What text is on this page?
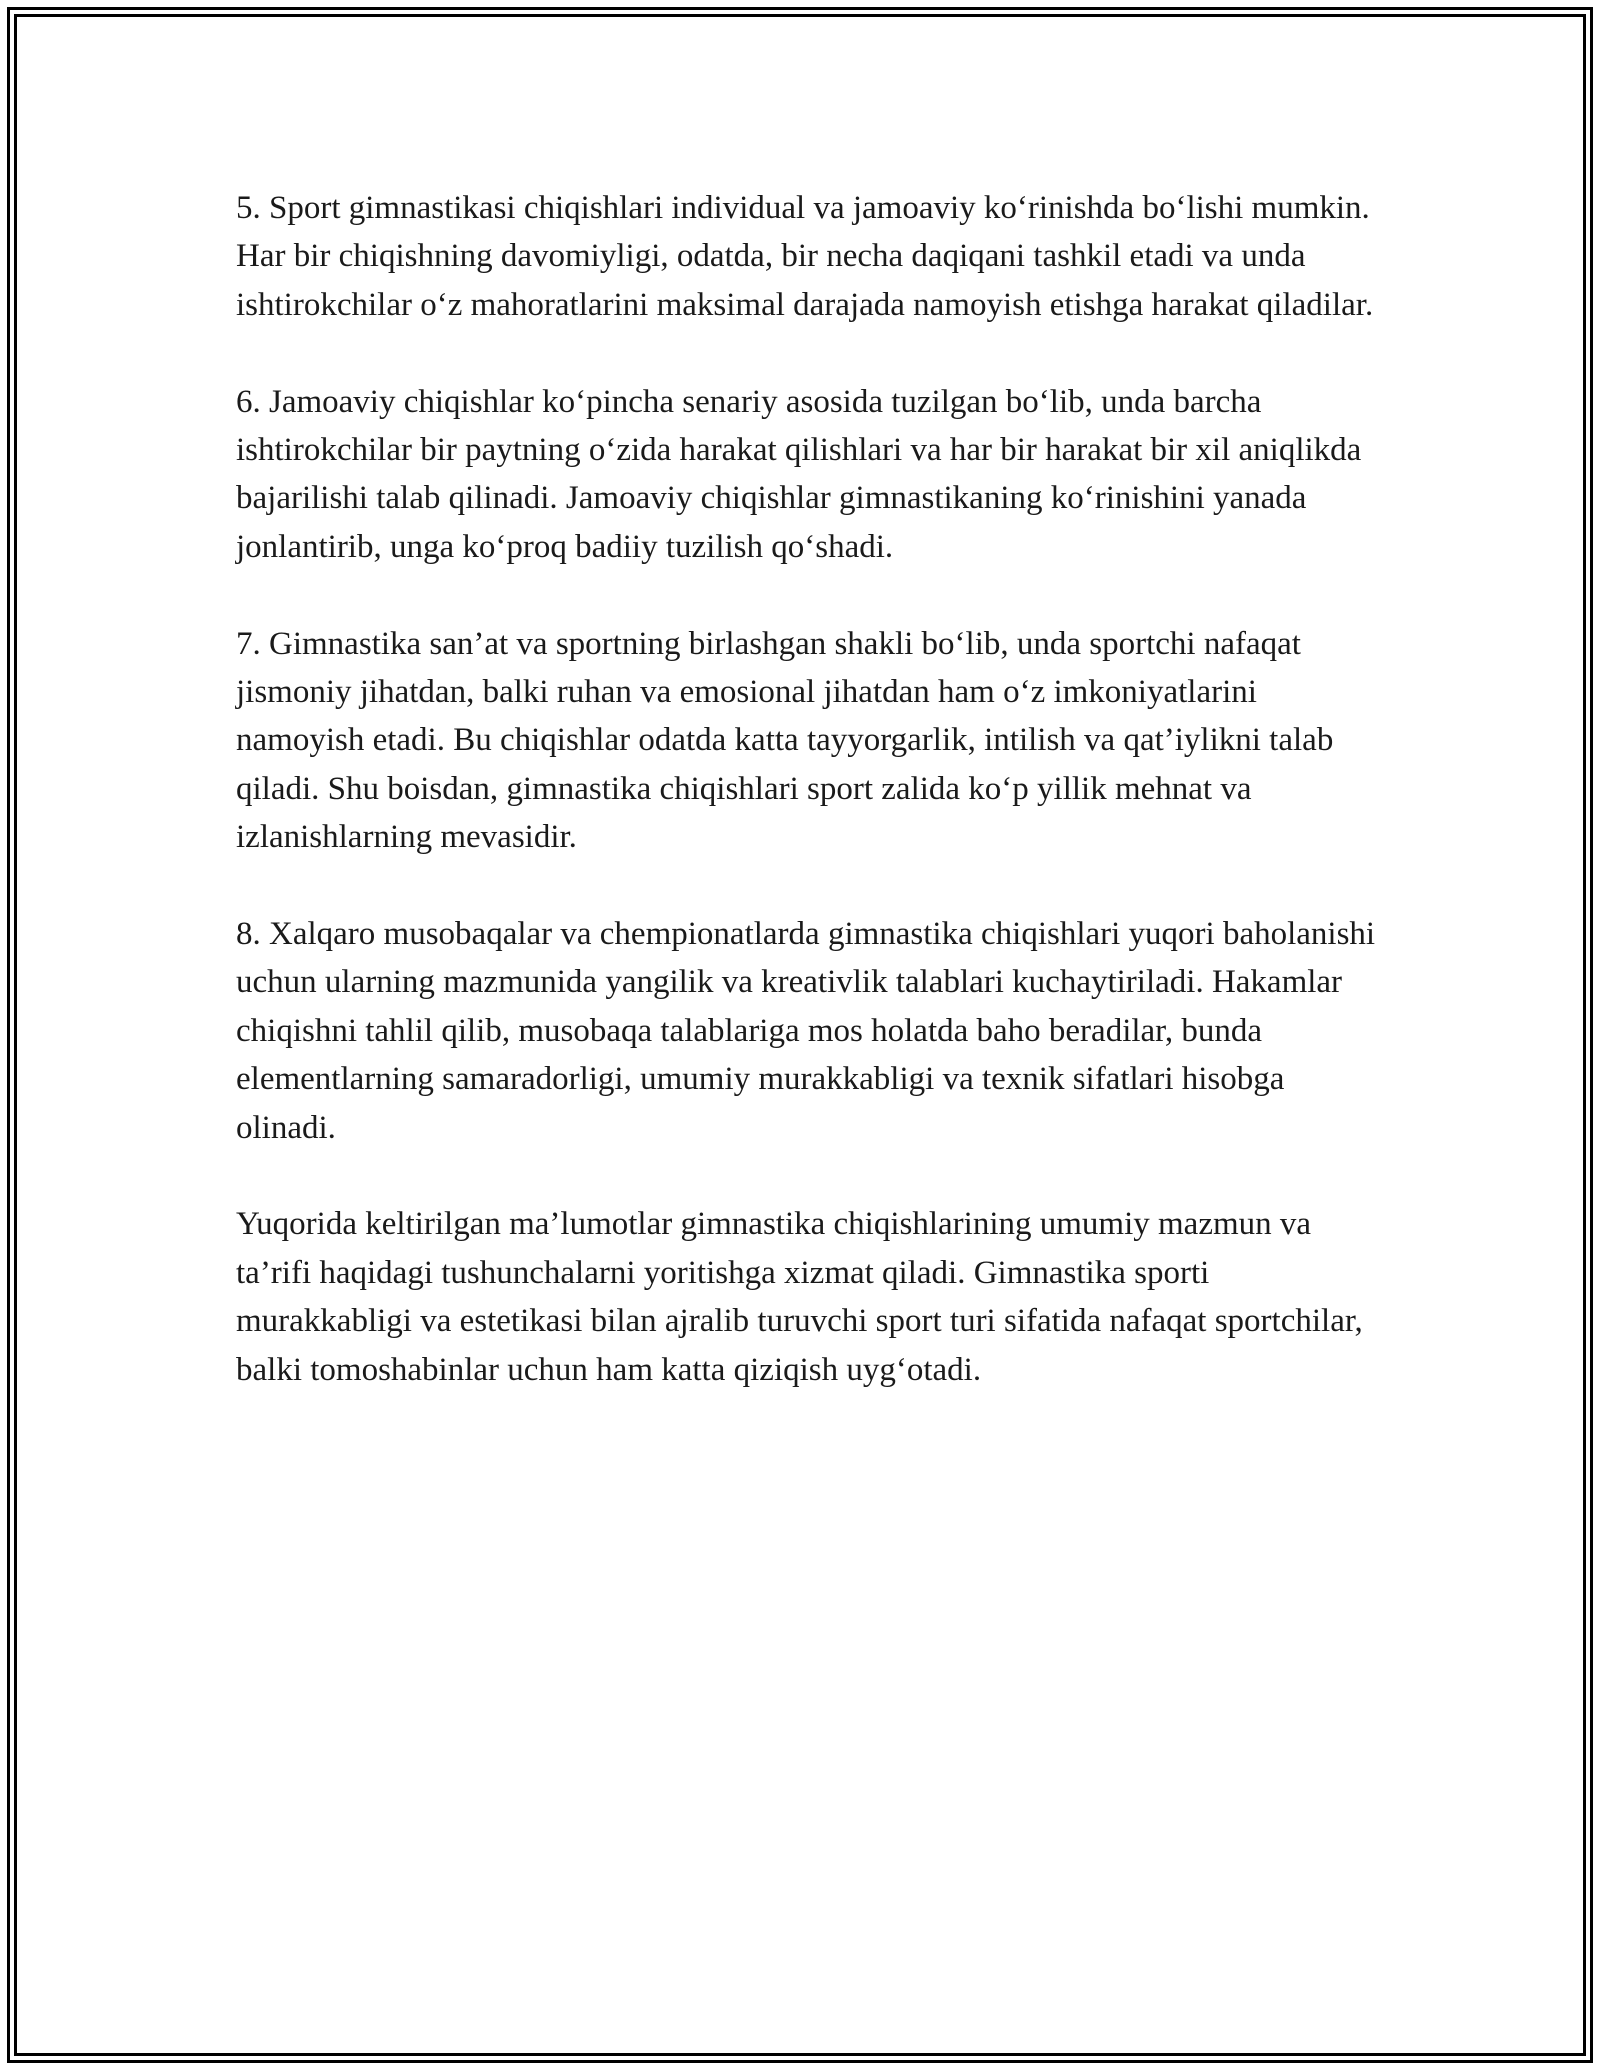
5. Sport gimnastikasi chiqishlari individual va jamoaviy ko‘rinishda bo‘lishi mumkin. Har bir chiqishning davomiyligi, odatda, bir necha daqiqani tashkil etadi va unda ishtirokchilar o‘z mahoratlarini maksimal darajada namoyish etishga harakat qiladilar.

6. Jamoaviy chiqishlar ko‘pincha senariy asosida tuzilgan bo‘lib, unda barcha ishtirokchilar bir paytning o‘zida harakat qilishlari va har bir harakat bir xil aniqlikda bajarilishi talab qilinadi. Jamoaviy chiqishlar gimnastikaning ko‘rinishini yanada jonlantirib, unga ko‘proq badiiy tuzilish qo‘shadi.

7. Gimnastika san’at va sportning birlashgan shakli bo‘lib, unda sportchi nafaqat jismoniy jihatdan, balki ruhan va emosional jihatdan ham o‘z imkoniyatlarini namoyish etadi. Bu chiqishlar odatda katta tayyorgarlik, intilish va qat’iylikni talab qiladi. Shu boisdan, gimnastika chiqishlari sport zalida ko‘p yillik mehnat va izlanishlarning mevasidir.

8. Xalqaro musobaqalar va chempionatlarda gimnastika chiqishlari yuqori baholanishi uchun ularning mazmunida yangilik va kreativlik talablari kuchaytiriladi. Hakamlar chiqishni tahlil qilib, musobaqa talablariga mos holatda baho beradilar, bunda elementlarning samaradorligi, umumiy murakkabligi va texnik sifatlari hisobga olinadi.

Yuqorida keltirilgan ma’lumotlar gimnastika chiqishlarining umumiy mazmun va ta’rifi haqidagi tushunchalarni yoritishga xizmat qiladi. Gimnastika sporti murakkabligi va estetikasi bilan ajralib turuvchi sport turi sifatida nafaqat sportchilar, balki tomoshabinlar uchun ham katta qiziqish uyg‘otadi.
